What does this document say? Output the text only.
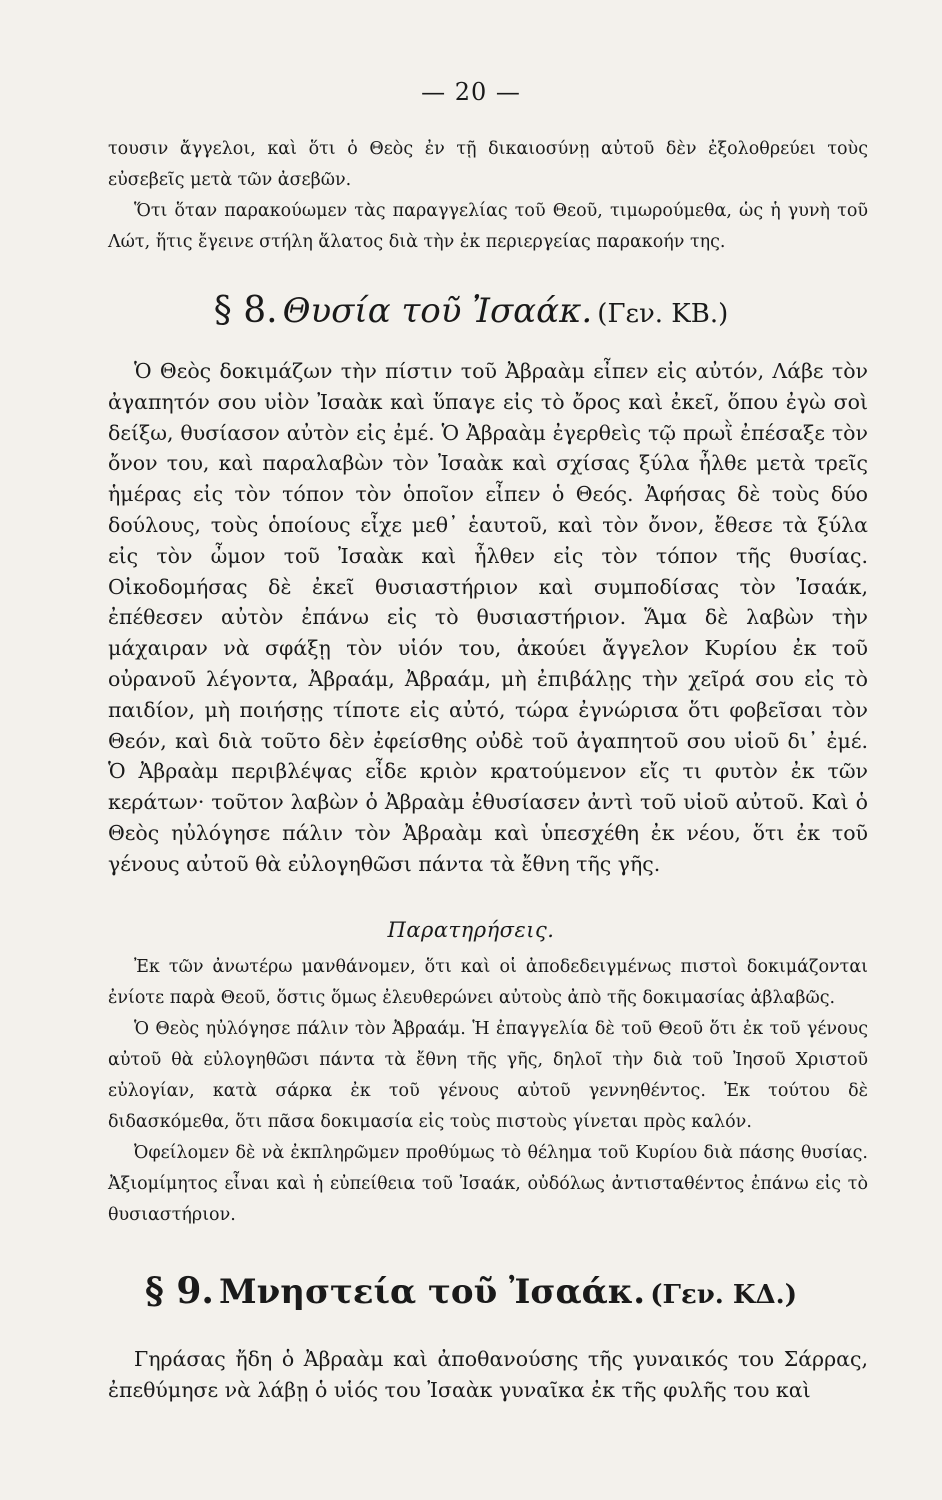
— 20 —

τουσιν ἄγγελοι, καὶ ὅτι ὁ Θεὸς ἐν τῇ δικαιοσύνῃ αὐτοῦ δὲν ἐξολοθρεύει τοὺς εὐσεβεῖς μετὰ τῶν ἀσεβῶν.

Ὅτι ὅταν παρακούωμεν τὰς παραγγελίας τοῦ Θεοῦ, τιμωρούμεθα, ὡς ἡ γυνὴ τοῦ Λώτ, ἥτις ἔγεινε στήλη ἅλατος διὰ τὴν ἐκ περιεργείας παρακοήν της.

§ 8. Θυσία τοῦ Ἰσαάκ. (Γεν. ΚΒ.)

Ὁ Θεὸς δοκιμάζων τὴν πίστιν τοῦ Ἀβραὰμ εἶπεν εἰς αὐτόν, Λάβε τὸν ἀγαπητόν σου υἱὸν Ἰσαὰκ καὶ ὕπαγε εἰς τὸ ὄρος καὶ ἐκεῖ, ὅπου ἐγὼ σοὶ δείξω, θυσίασον αὐτὸν εἰς ἐμέ. Ὁ Ἀβραὰμ ἐγερθεὶς τῷ πρωῒ ἐπέσαξε τὸν ὄνον του, καὶ παραλαβὼν τὸν Ἰσαὰκ καὶ σχίσας ξύλα ἦλθε μετὰ τρεῖς ἡμέρας εἰς τὸν τόπον τὸν ὁποῖον εἶπεν ὁ Θεός. Ἀφήσας δὲ τοὺς δύο δούλους, τοὺς ὁποίους εἶχε μεθ᾽ ἑαυτοῦ, καὶ τὸν ὄνον, ἔθεσε τὰ ξύλα εἰς τὸν ὦμον τοῦ Ἰσαὰκ καὶ ἦλθεν εἰς τὸν τόπον τῆς θυσίας. Οἰκοδομήσας δὲ ἐκεῖ θυσιαστήριον καὶ συμποδίσας τὸν Ἰσαάκ, ἐπέθεσεν αὐτὸν ἐπάνω εἰς τὸ θυσιαστήριον. Ἅμα δὲ λαβὼν τὴν μάχαιραν νὰ σφάξῃ τὸν υἱόν του, ἀκούει ἄγγελον Κυρίου ἐκ τοῦ οὐρανοῦ λέγοντα, Ἀβραάμ, Ἀβραάμ, μὴ ἐπιβάλῃς τὴν χεῖρά σου εἰς τὸ παιδίον, μὴ ποιήσῃς τίποτε εἰς αὐτό, τώρα ἐγνώρισα ὅτι φοβεῖσαι τὸν Θεόν, καὶ διὰ τοῦτο δὲν ἐφείσθης οὐδὲ τοῦ ἀγαπητοῦ σου υἱοῦ δι᾽ ἐμέ. Ὁ Ἀβραὰμ περιβλέψας εἶδε κριὸν κρατούμενον εἴς τι φυτὸν ἐκ τῶν κεράτων· τοῦτον λαβὼν ὁ Ἀβραὰμ ἐθυσίασεν ἀντὶ τοῦ υἱοῦ αὐτοῦ. Καὶ ὁ Θεὸς ηὐλόγησε πάλιν τὸν Ἀβραὰμ καὶ ὑπεσχέθη ἐκ νέου, ὅτι ἐκ τοῦ γένους αὐτοῦ θὰ εὐλογηθῶσι πάντα τὰ ἔθνη τῆς γῆς.

Παρατηρήσεις.

Ἐκ τῶν ἀνωτέρω μανθάνομεν, ὅτι καὶ οἱ ἀποδεδειγμένως πιστοὶ δοκιμάζονται ἐνίοτε παρὰ Θεοῦ, ὅστις ὅμως ἐλευθερώνει αὐτοὺς ἀπὸ τῆς δοκιμασίας ἀβλαβῶς.

Ὁ Θεὸς ηὐλόγησε πάλιν τὸν Ἀβραάμ. Ἡ ἐπαγγελία δὲ τοῦ Θεοῦ ὅτι ἐκ τοῦ γένους αὐτοῦ θὰ εὐλογηθῶσι πάντα τὰ ἔθνη τῆς γῆς, δηλοῖ τὴν διὰ τοῦ Ἰησοῦ Χριστοῦ εὐλογίαν, κατὰ σάρκα ἐκ τοῦ γένους αὐτοῦ γεννηθέντος. Ἐκ τούτου δὲ διδασκόμεθα, ὅτι πᾶσα δοκιμασία εἰς τοὺς πιστοὺς γίνεται πρὸς καλόν.

Ὀφείλομεν δὲ νὰ ἐκπληρῶμεν προθύμως τὸ θέλημα τοῦ Κυρίου διὰ πάσης θυσίας. Ἀξιομίμητος εἶναι καὶ ἡ εὐπείθεια τοῦ Ἰσαάκ, οὐδόλως ἀντισταθέντος ἐπάνω εἰς τὸ θυσιαστήριον.

§ 9. Μνηστεία τοῦ Ἰσαάκ. (Γεν. ΚΔ.)

Γηράσας ἤδη ὁ Ἀβραὰμ καὶ ἀποθανούσης τῆς γυναικός του Σάρρας, ἐπεθύμησε νὰ λάβῃ ὁ υἱός του Ἰσαὰκ γυναῖκα ἐκ τῆς φυλῆς του καὶ
